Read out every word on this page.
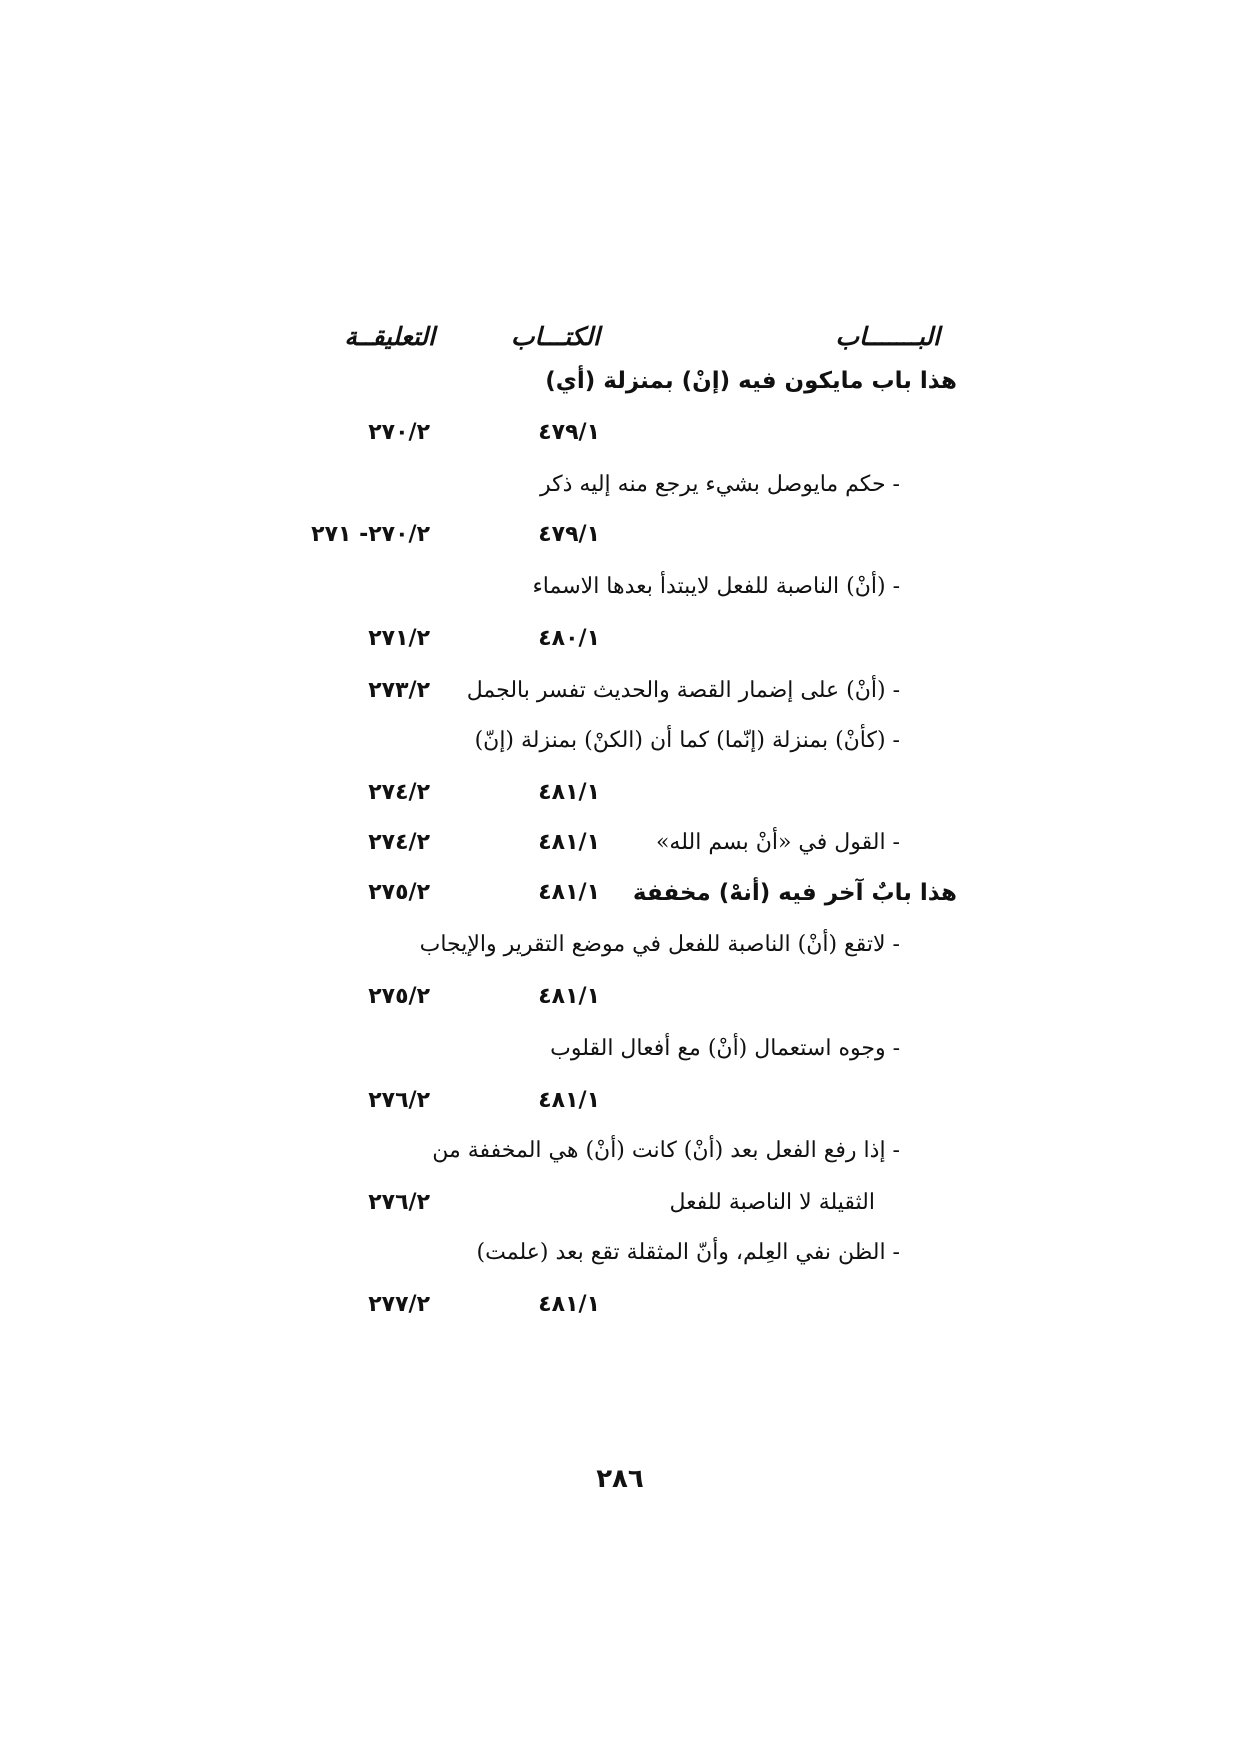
البـــــــاب
الكتـــاب
التعليقــة
هذا باب مايكون فيه (إنْ) بمنزلة (أي)
٤٧٩/١
٢٧٠/٢
- حكم مايوصل بشيء يرجع منه إليه ذكر
٤٧٩/١
٢٧٠/٢- ٢٧١
- (أنْ) الناصبة للفعل لايبتدأ بعدها الاسماء
٤٨٠/١
٢٧١/٢
- (أنْ) على إضمار القصة والحديث تفسر بالجمل
٢٧٣/٢
- (كأنْ) بمنزلة (إنّما) كما أن (الكنْ) بمنزلة (إنّ)
٤٨١/١
٢٧٤/٢
- القول في «أنْ بسم الله»
٤٨١/١
٢٧٤/٢
هذا بابٌ آخر فيه (أنهْ) مخففة
٤٨١/١
٢٧٥/٢
- لاتقع (أنْ) الناصبة للفعل في موضع التقرير والإيجاب
٤٨١/١
٢٧٥/٢
- وجوه استعمال (أنْ) مع أفعال القلوب
٤٨١/١
٢٧٦/٢
- إذا رفع الفعل بعد (أنْ) كانت (أنْ) هي المخففة من
الثقيلة لا الناصبة للفعل
٢٧٦/٢
- الظن نفي العِلم، وأنّ المثقلة تقع بعد (علمت)
٤٨١/١
٢٧٧/٢
٢٨٦
